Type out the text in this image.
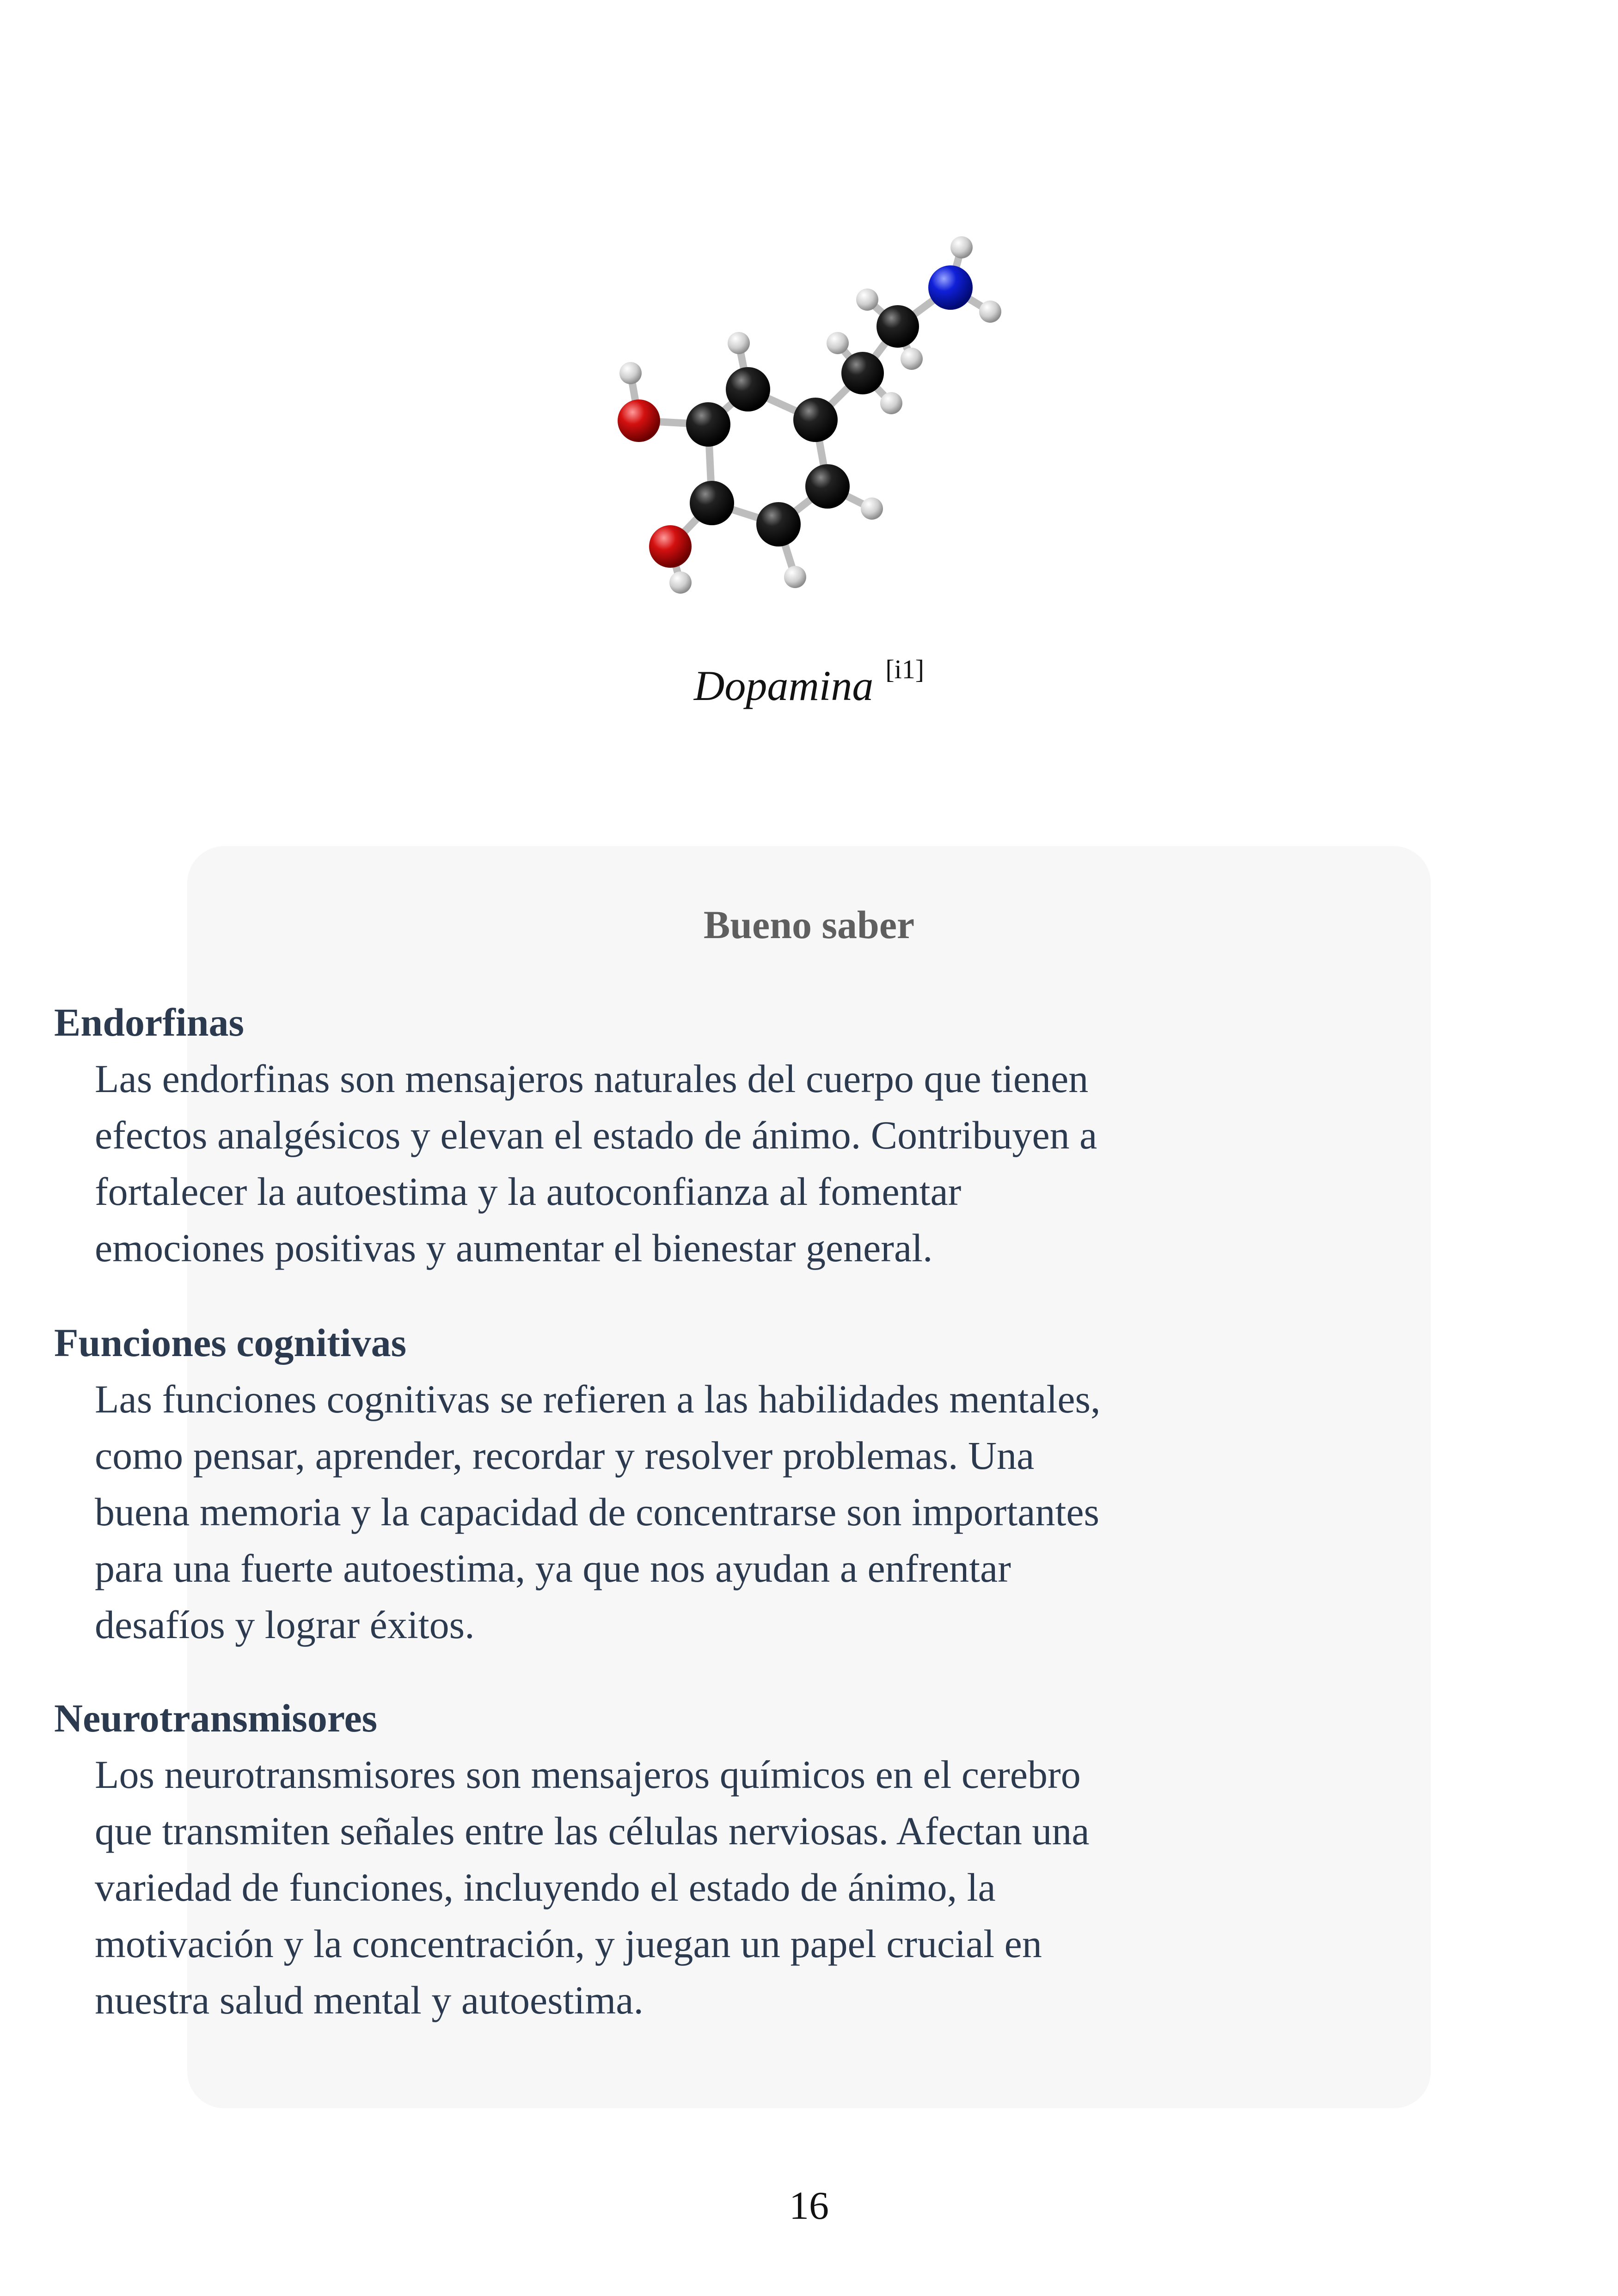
Dopamina [i1]
Bueno saber
Endorfinas

Las endorfinas son mensajeros naturales del cuerpo que tienen
efectos analgésicos y elevan el estado de ánimo. Contribuyen a
fortalecer la autoestima y la autoconfianza al fomentar
emociones positivas y aumentar el bienestar general.

Funciones cognitivas

Las funciones cognitivas se refieren a las habilidades mentales,
como pensar, aprender, recordar y resolver problemas. Una
buena memoria y la capacidad de concentrarse son importantes
para una fuerte autoestima, ya que nos ayudan a enfrentar
desafíos y lograr éxitos.

Neurotransmisores

Los neurotransmisores son mensajeros químicos en el cerebro
que transmiten señales entre las células nerviosas. Afectan una
variedad de funciones, incluyendo el estado de ánimo, la
motivación y la concentración, y juegan un papel crucial en
nuestra salud mental y autoestima.

16
